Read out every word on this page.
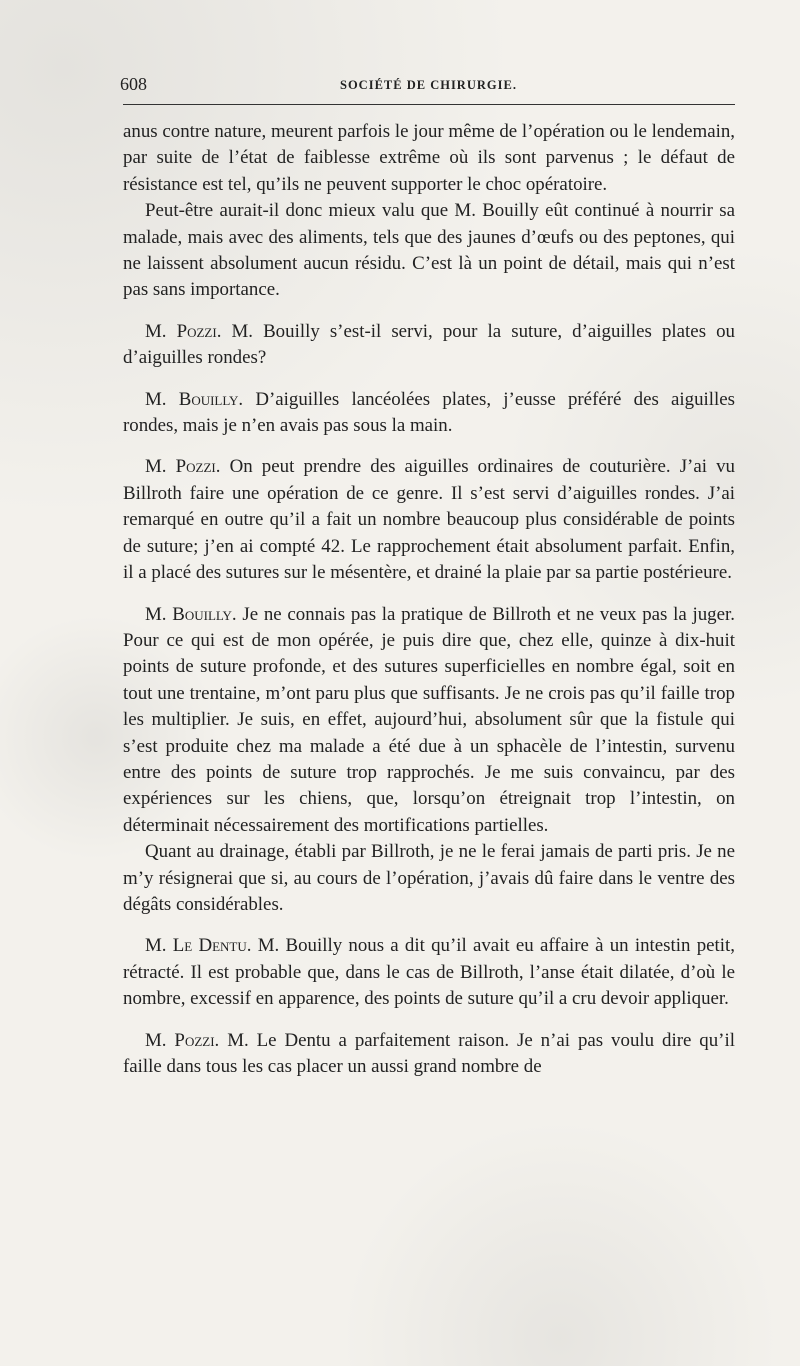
608	SOCIÉTÉ DE CHIRURGIE.

anus contre nature, meurent parfois le jour même de l’opération ou le lendemain, par suite de l’état de faiblesse extrême où ils sont parvenus ; le défaut de résistance est tel, qu’ils ne peuvent supporter le choc opératoire.

Peut-être aurait-il donc mieux valu que M. Bouilly eût continué à nourrir sa malade, mais avec des aliments, tels que des jaunes d’œufs ou des peptones, qui ne laissent absolument aucun résidu. C’est là un point de détail, mais qui n’est pas sans importance.

M. Pozzi. M. Bouilly s’est-il servi, pour la suture, d’aiguilles plates ou d’aiguilles rondes?

M. Bouilly. D’aiguilles lancéolées plates, j’eusse préféré des aiguilles rondes, mais je n’en avais pas sous la main.

M. Pozzi. On peut prendre des aiguilles ordinaires de couturière. J’ai vu Billroth faire une opération de ce genre. Il s’est servi d’aiguilles rondes. J’ai remarqué en outre qu’il a fait un nombre beaucoup plus considérable de points de suture; j’en ai compté 42. Le rapprochement était absolument parfait. Enfin, il a placé des sutures sur le mésentère, et drainé la plaie par sa partie postérieure.

M. Bouilly. Je ne connais pas la pratique de Billroth et ne veux pas la juger. Pour ce qui est de mon opérée, je puis dire que, chez elle, quinze à dix-huit points de suture profonde, et des sutures superficielles en nombre égal, soit en tout une trentaine, m’ont paru plus que suffisants. Je ne crois pas qu’il faille trop les multiplier. Je suis, en effet, aujourd’hui, absolument sûr que la fistule qui s’est produite chez ma malade a été due à un sphacèle de l’intestin, survenu entre des points de suture trop rapprochés. Je me suis convaincu, par des expériences sur les chiens, que, lorsqu’on étreignait trop l’intestin, on déterminait nécessairement des mortifications partielles.

Quant au drainage, établi par Billroth, je ne le ferai jamais de parti pris. Je ne m’y résignerai que si, au cours de l’opération, j’avais dû faire dans le ventre des dégâts considérables.

M. Le Dentu. M. Bouilly nous a dit qu’il avait eu affaire à un intestin petit, rétracté. Il est probable que, dans le cas de Billroth, l’anse était dilatée, d’où le nombre, excessif en apparence, des points de suture qu’il a cru devoir appliquer.

M. Pozzi. M. Le Dentu a parfaitement raison. Je n’ai pas voulu dire qu’il faille dans tous les cas placer un aussi grand nombre de
